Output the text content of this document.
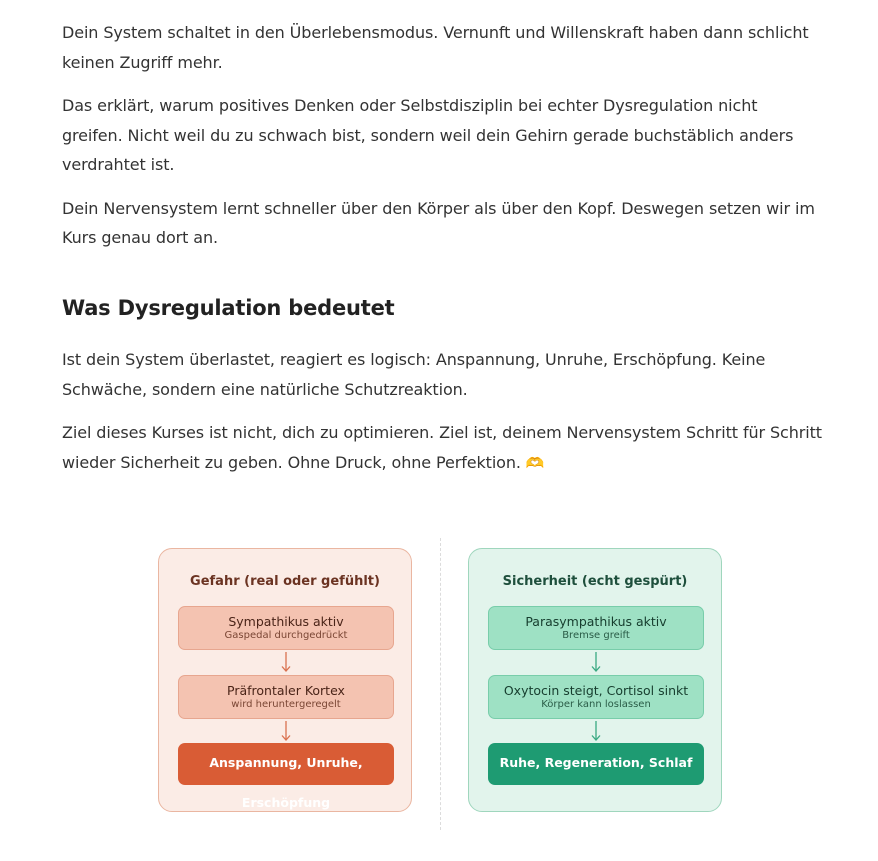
Dein System schaltet in den Überlebensmodus. Vernunft und Willenskraft haben dann schlicht keinen Zugriff mehr.

Das erklärt, warum positives Denken oder Selbstdisziplin bei echter Dysregulation nicht greifen. Nicht weil du zu schwach bist, sondern weil dein Gehirn gerade buchstäblich anders verdrahtet ist.

Dein Nervensystem lernt schneller über den Körper als über den Kopf. Deswegen setzen wir im Kurs genau dort an.

Was Dysregulation bedeutet

Ist dein System überlastet, reagiert es logisch: Anspannung, Unruhe, Erschöpfung. Keine Schwäche, sondern eine natürliche Schutzreaktion.

Ziel dieses Kurses ist nicht, dich zu optimieren. Ziel ist, deinem Nervensystem Schritt für Schritt wieder Sicherheit zu geben. Ohne Druck, ohne Perfektion. 🫶

Gefahr (real oder gefühlt)
Sympathikus aktiv
Gaspedal durchgedrückt
Präfrontaler Kortex
wird heruntergeregelt
Anspannung, Unruhe, Erschöpfung
Sicherheit (echt gespürt)
Parasympathikus aktiv
Bremse greift
Oxytocin steigt, Cortisol sinkt
Körper kann loslassen
Ruhe, Regeneration, Schlaf
